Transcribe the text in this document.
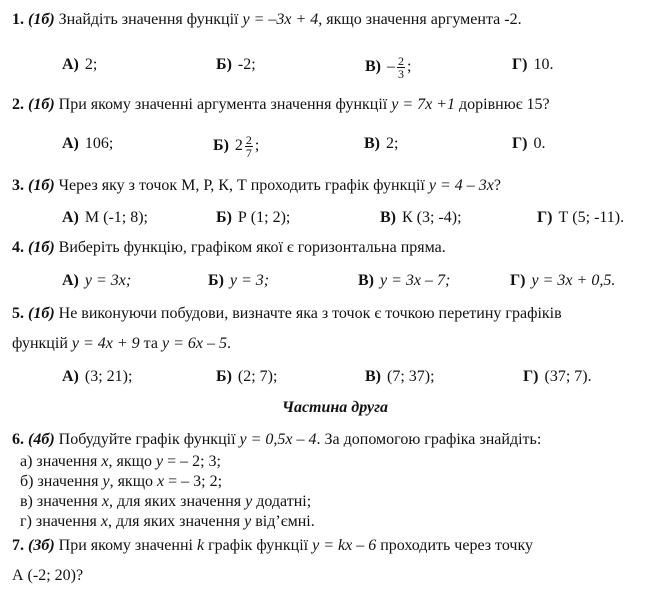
1. (1б) Знайдіть значення функції y = –3x + 4, якщо значення аргумента -2.
А) 2;	Б) -2;	$В) - \frac{2}{3}$ ;	Г) 10.
2. (1б) При якому значенні аргумента значення функції y = 7x +1 дорівнює 15?
А) 106;	Б) $2 \frac{2}{7}$ ;	В) 2;	Г) 0.
3. (1б) Через яку з точок М, Р, К, Т проходить графік функції y = 4 – 3x?
А) М (-1; 8);	Б) Р (1; 2);	В) К (3; -4);	Г) Т (5; -11).
4. (1б) Виберіть функцію, графіком якої є горизонтальна пряма.
А) y = 3x;	Б) y = 3;	В) y = 3x – 7;	Г) y = 3x + 0,5.
5. (1б) Не виконуючи побудови, визначте яка з точок є точкою перетину графіків
функцій y = 4x + 9 та y = 6x – 5.
А) (3; 21);	Б) (2; 7);	В) (7; 37);	Г) (37; 7).
Частина друга
6. (4б) Побудуйте графік функції y = 0,5x – 4. За допомогою графіка знайдіть:
а) значення x, якщо y = – 2; 3;
б) значення y, якщо x = – 3; 2;
в) значення x, для яких значення y додатні;
г) значення x, для яких значення y від’ємні.
7. (3б) При якому значенні k графік функції y = kx – 6 проходить через точку
А (-2; 20)?
